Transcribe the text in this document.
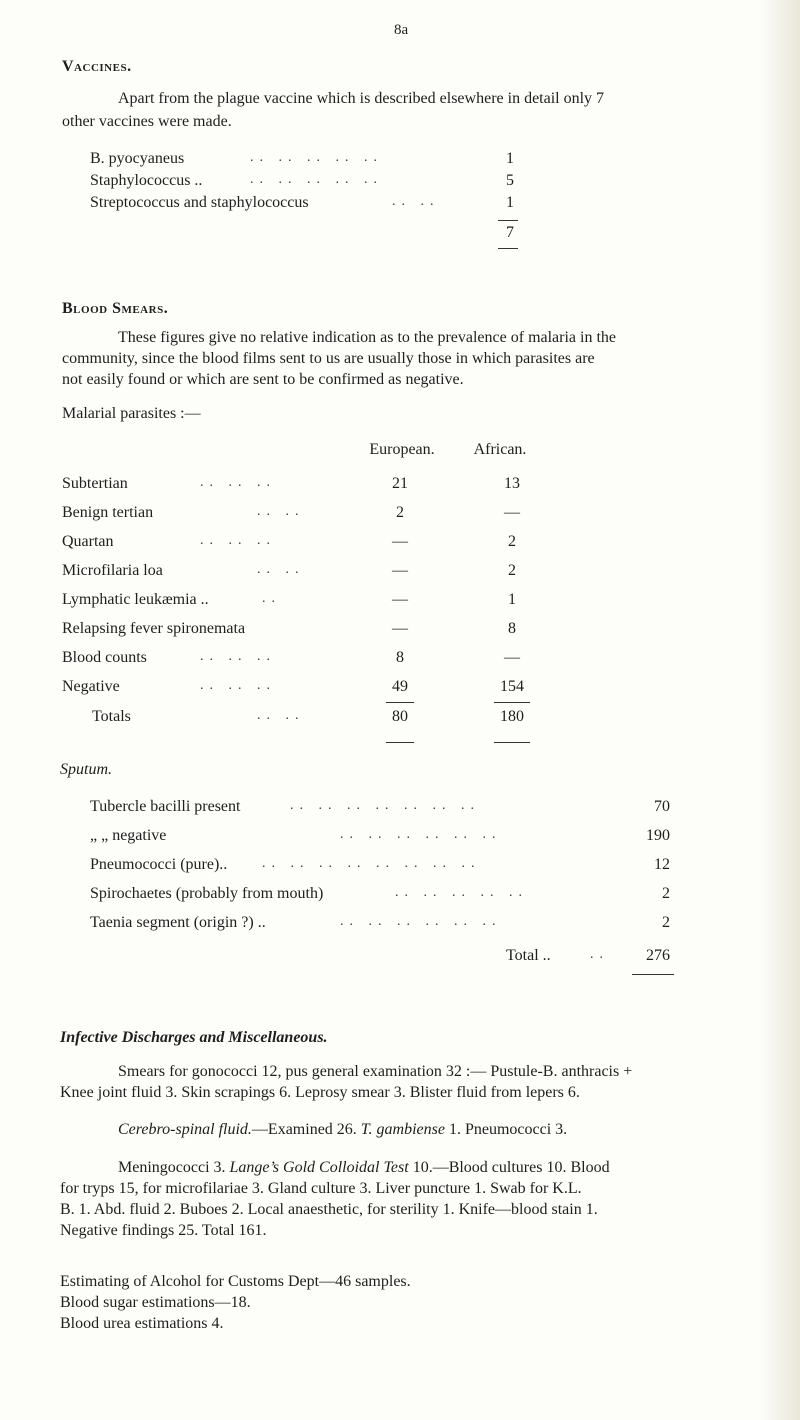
8a
Vaccines.
Apart from the plague vaccine which is described elsewhere in detail only 7
other vaccines were made.
B. pyocyaneus	.. .. .. .. ..	1
Staphylococcus ..	.. .. .. .. ..	5
Streptococcus and staphylococcus	.. ..	1
7
Blood Smears.
These figures give no relative indication as to the prevalence of malaria in the
community, since the blood films sent to us are usually those in which parasites are
not easily found or which are sent to be confirmed as negative.
Malarial parasites :—
European.	African.
Subtertian	.. .. ..	21	13
Benign tertian	.. ..	2	—
Quartan	.. .. ..	—	2
Microfilaria loa	.. ..	—	2
Lymphatic leukæmia ..	..	—	1
Relapsing fever spironemata	—	8
Blood counts	.. .. ..	8	—
Negative	.. .. ..	49	154
Totals	.. ..	80	180
Sputum.
Tubercle bacilli present	.. .. .. .. .. .. ..	70
„ „ negative	.. .. .. .. .. ..	190
Pneumococci (pure).. .. .. .. .. .. .. .. ..	12
Spirochaetes (probably from mouth)	.. .. .. .. ..	2
Taenia segment (origin ?) ..	.. .. .. .. .. ..	2
Total ..	..	276
Infective Discharges and Miscellaneous.
Smears for gonococci 12, pus general examination 32 :— Pustule-B. anthracis +
Knee joint fluid 3. Skin scrapings 6. Leprosy smear 3. Blister fluid from lepers 6.
Cerebro-spinal fluid.—Examined 26. T. gambiense 1. Pneumococci 3.
Meningococci 3. Lange’s Gold Colloidal Test 10.—Blood cultures 10. Blood
for tryps 15, for microfilariae 3. Gland culture 3. Liver puncture 1. Swab for K.L.
B. 1. Abd. fluid 2. Buboes 2. Local anaesthetic, for sterility 1. Knife—blood stain 1.
Negative findings 25. Total 161.
Estimating of Alcohol for Customs Dept—46 samples.
Blood sugar estimations—18.
Blood urea estimations 4.
